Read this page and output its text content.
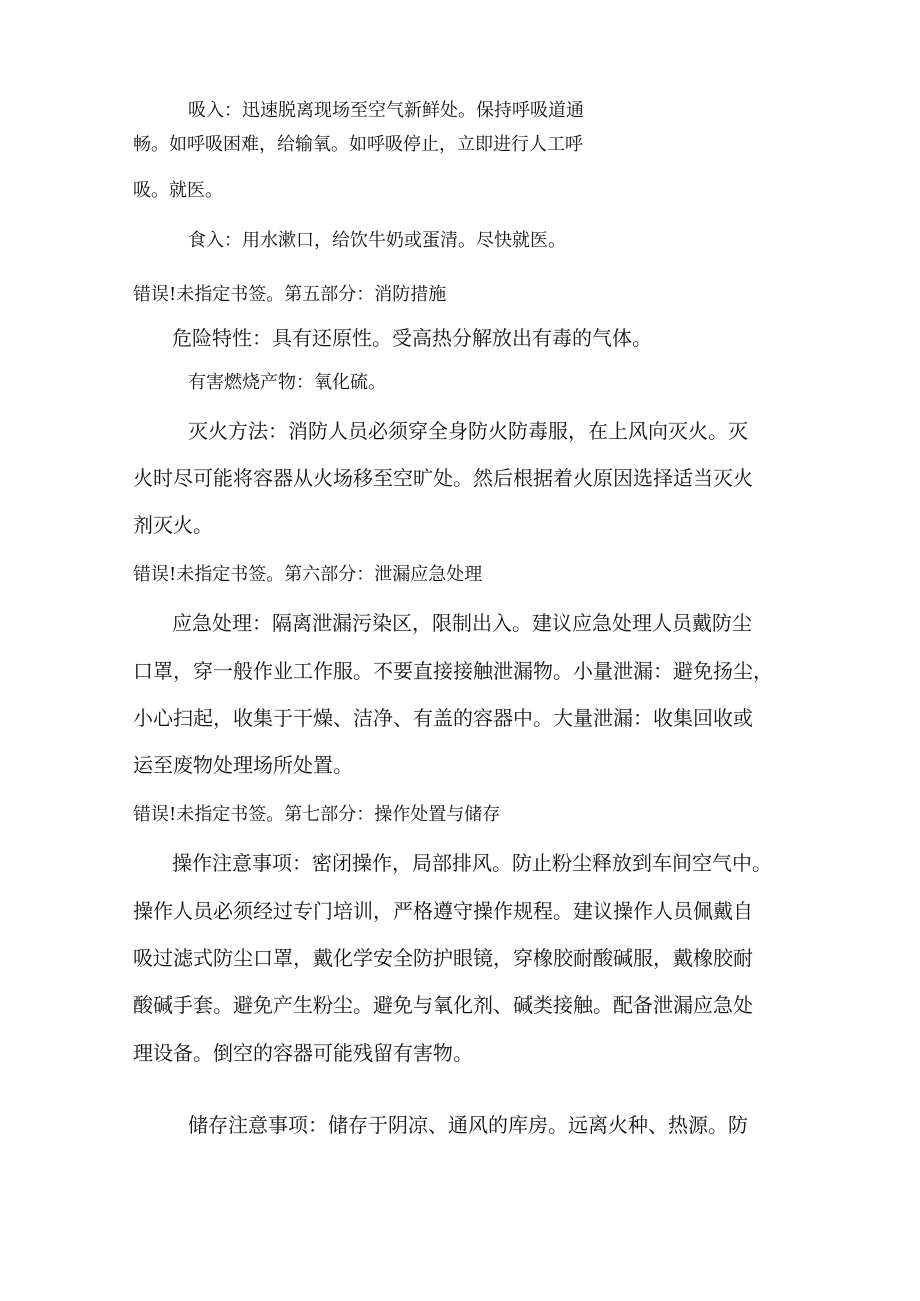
吸入：迅速脱离现场至空气新鲜处。保持呼吸道通

畅。如呼吸困难，给输氧。如呼吸停止，立即进行人工呼

吸。就医。

食入：用水漱口，给饮牛奶或蛋清。尽快就医。

错误!未指定书签。第五部分：消防措施

危险特性：具有还原性。受高热分解放出有毒的气体。

有害燃烧产物：氧化硫。

灭火方法：消防人员必须穿全身防火防毒服，在上风向灭火。灭

火时尽可能将容器从火场移至空旷处。然后根据着火原因选择适当灭火

剂灭火。

错误!未指定书签。第六部分：泄漏应急处理

应急处理：隔离泄漏污染区，限制出入。建议应急处理人员戴防尘

口罩，穿一般作业工作服。不要直接接触泄漏物。小量泄漏：避免扬尘，

小心扫起，收集于干燥、洁净、有盖的容器中。大量泄漏：收集回收或

运至废物处理场所处置。

错误!未指定书签。第七部分：操作处置与储存

操作注意事项：密闭操作，局部排风。防止粉尘释放到车间空气中。

操作人员必须经过专门培训，严格遵守操作规程。建议操作人员佩戴自

吸过滤式防尘口罩，戴化学安全防护眼镜，穿橡胶耐酸碱服，戴橡胶耐

酸碱手套。避免产生粉尘。避免与氧化剂、碱类接触。配备泄漏应急处

理设备。倒空的容器可能残留有害物。

储存注意事项：储存于阴凉、通风的库房。远离火种、热源。防
